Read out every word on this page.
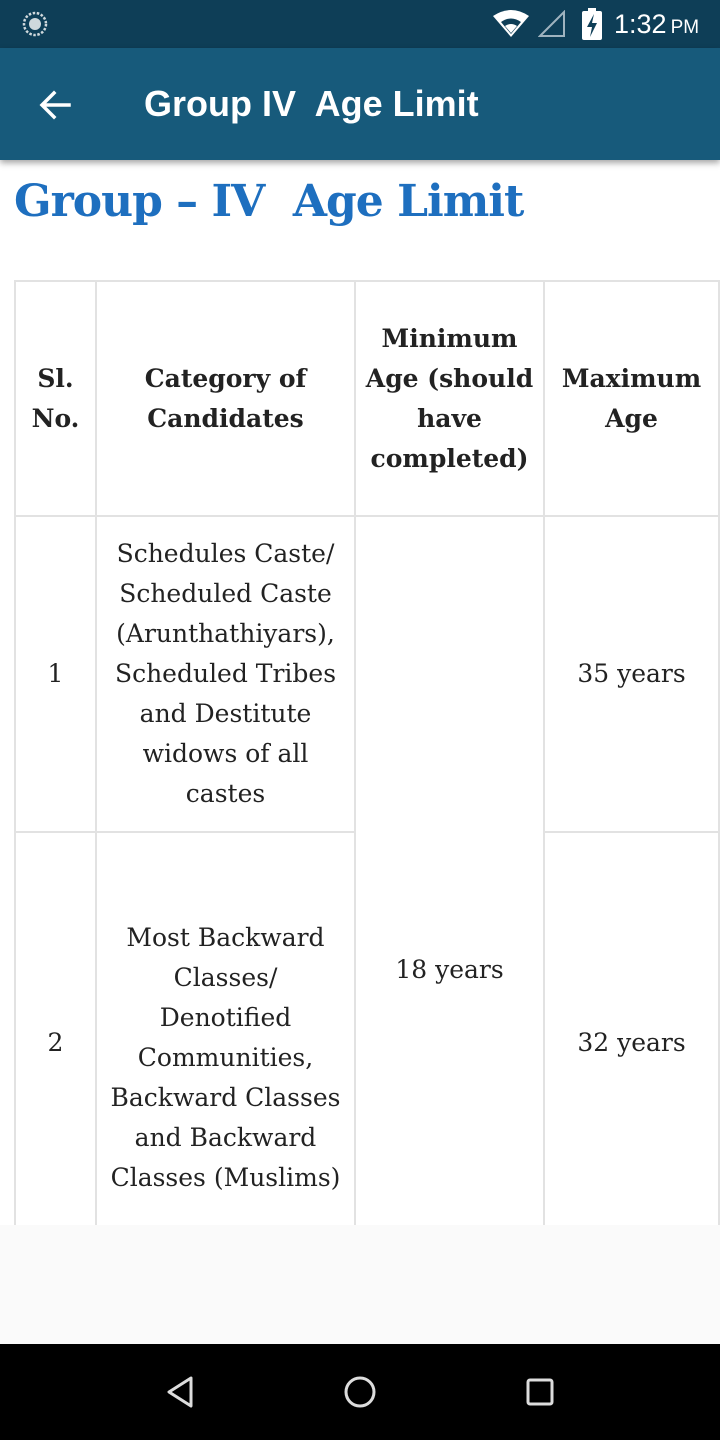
1:32 PM
Group IV  Age Limit
Group – IV  Age Limit
Sl. No.	Category of Candidates	Minimum Age (should have completed)	Maximum Age
1	Schedules Caste/ Scheduled Caste (Arunthathiyars), Scheduled Tribes and Destitute widows of all castes	18 years	35 years
2	Most Backward Classes/ Denotified Communities, Backward Classes and Backward Classes (Muslims)		32 years
